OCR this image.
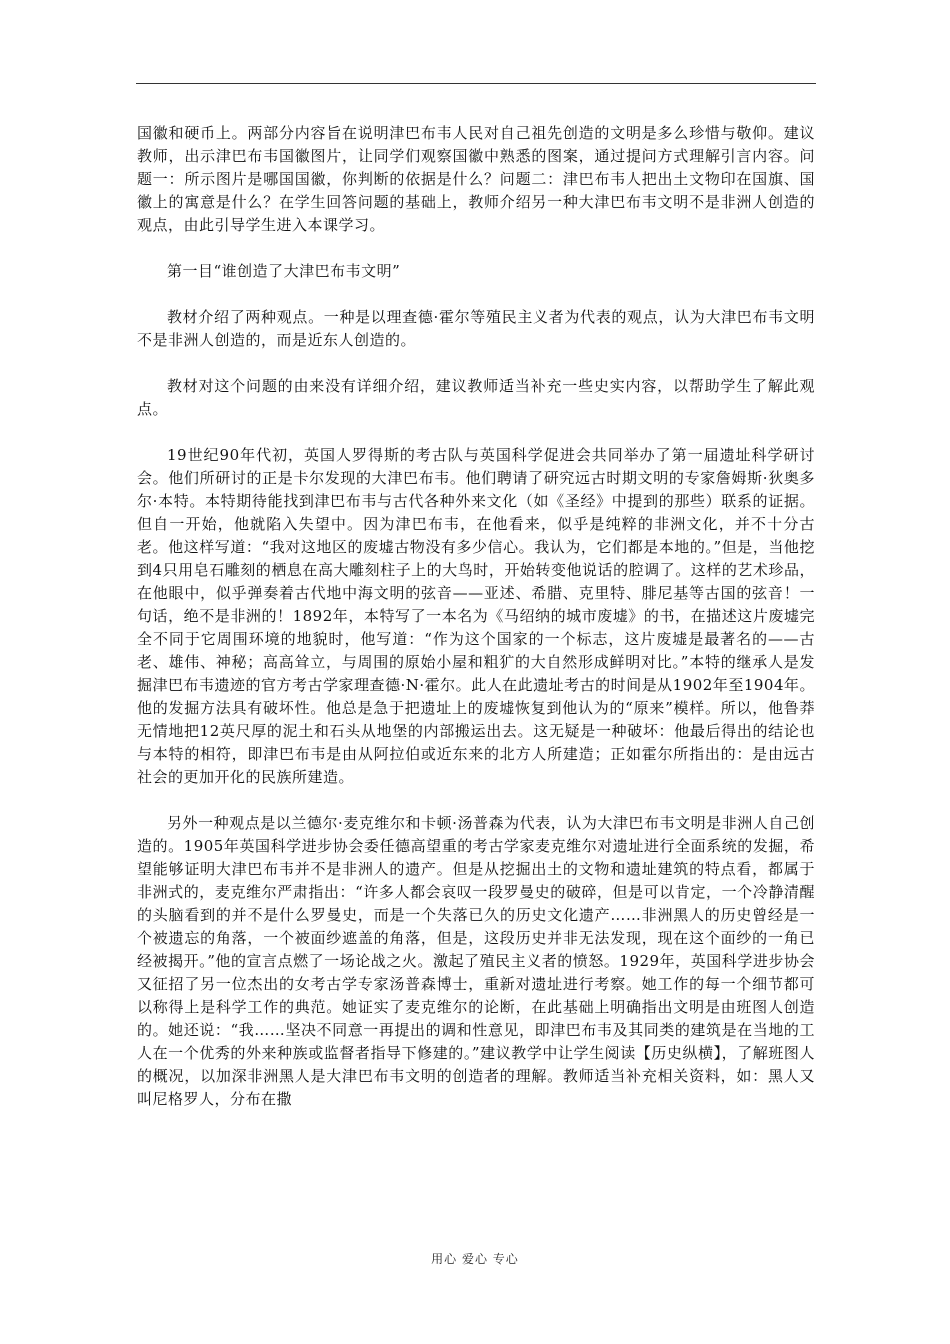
国徽和硬币上。两部分内容旨在说明津巴布韦人民对自己祖先创造的文明是多么珍惜与敬仰。建议教师，出示津巴布韦国徽图片，让同学们观察国徽中熟悉的图案，通过提问方式理解引言内容。问题一：所示图片是哪国国徽，你判断的依据是什么？问题二：津巴布韦人把出土文物印在国旗、国徽上的寓意是什么？在学生回答问题的基础上，教师介绍另一种大津巴布韦文明不是非洲人创造的观点，由此引导学生进入本课学习。

第一目“谁创造了大津巴布韦文明”

教材介绍了两种观点。一种是以理查德·霍尔等殖民主义者为代表的观点，认为大津巴布韦文明不是非洲人创造的，而是近东人创造的。

教材对这个问题的由来没有详细介绍，建议教师适当补充一些史实内容，以帮助学生了解此观点。

19世纪90年代初，英国人罗得斯的考古队与英国科学促进会共同举办了第一届遗址科学研讨会。他们所研讨的正是卡尔发现的大津巴布韦。他们聘请了研究远古时期文明的专家詹姆斯·狄奥多尔·本特。本特期待能找到津巴布韦与古代各种外来文化（如《圣经》中提到的那些）联系的证据。但自一开始，他就陷入失望中。因为津巴布韦，在他看来，似乎是纯粹的非洲文化，并不十分古老。他这样写道：“我对这地区的废墟古物没有多少信心。我认为，它们都是本地的。”但是，当他挖到4只用皂石雕刻的栖息在高大雕刻柱子上的大鸟时，开始转变他说话的腔调了。这样的艺术珍品，在他眼中，似乎弹奏着古代地中海文明的弦音——亚述、希腊、克里特、腓尼基等古国的弦音！一句话，绝不是非洲的！1892年，本特写了一本名为《马绍纳的城市废墟》的书，在描述这片废墟完全不同于它周围环境的地貌时，他写道：“作为这个国家的一个标志，这片废墟是最著名的——古老、雄伟、神秘；高高耸立，与周围的原始小屋和粗犷的大自然形成鲜明对比。”本特的继承人是发掘津巴布韦遗迹的官方考古学家理查德·N·霍尔。此人在此遗址考古的时间是从1902年至1904年。他的发掘方法具有破坏性。他总是急于把遗址上的废墟恢复到他认为的“原来”模样。所以，他鲁莽无情地把12英尺厚的泥土和石头从地堡的内部搬运出去。这无疑是一种破坏：他最后得出的结论也与本特的相符，即津巴布韦是由从阿拉伯或近东来的北方人所建造；正如霍尔所指出的：是由远古社会的更加开化的民族所建造。

另外一种观点是以兰德尔·麦克维尔和卡顿·汤普森为代表，认为大津巴布韦文明是非洲人自己创造的。1905年英国科学进步协会委任德高望重的考古学家麦克维尔对遗址进行全面系统的发掘，希望能够证明大津巴布韦并不是非洲人的遗产。但是从挖掘出土的文物和遗址建筑的特点看，都属于非洲式的，麦克维尔严肃指出：“许多人都会哀叹一段罗曼史的破碎，但是可以肯定，一个冷静清醒的头脑看到的并不是什么罗曼史，而是一个失落已久的历史文化遗产……非洲黑人的历史曾经是一个被遗忘的角落，一个被面纱遮盖的角落，但是，这段历史并非无法发现，现在这个面纱的一角已经被揭开。”他的宣言点燃了一场论战之火。激起了殖民主义者的愤怒。1929年，英国科学进步协会又征招了另一位杰出的女考古学专家汤普森博士，重新对遗址进行考察。她工作的每一个细节都可以称得上是科学工作的典范。她证实了麦克维尔的论断，在此基础上明确指出文明是由班图人创造的。她还说：“我……坚决不同意一再提出的调和性意见，即津巴布韦及其同类的建筑是在当地的工人在一个优秀的外来种族或监督者指导下修建的。”建议教学中让学生阅读【历史纵横】，了解班图人的概况，以加深非洲黑人是大津巴布韦文明的创造者的理解。教师适当补充相关资料，如：黑人又叫尼格罗人，分布在撒

用心 爱心 专心
